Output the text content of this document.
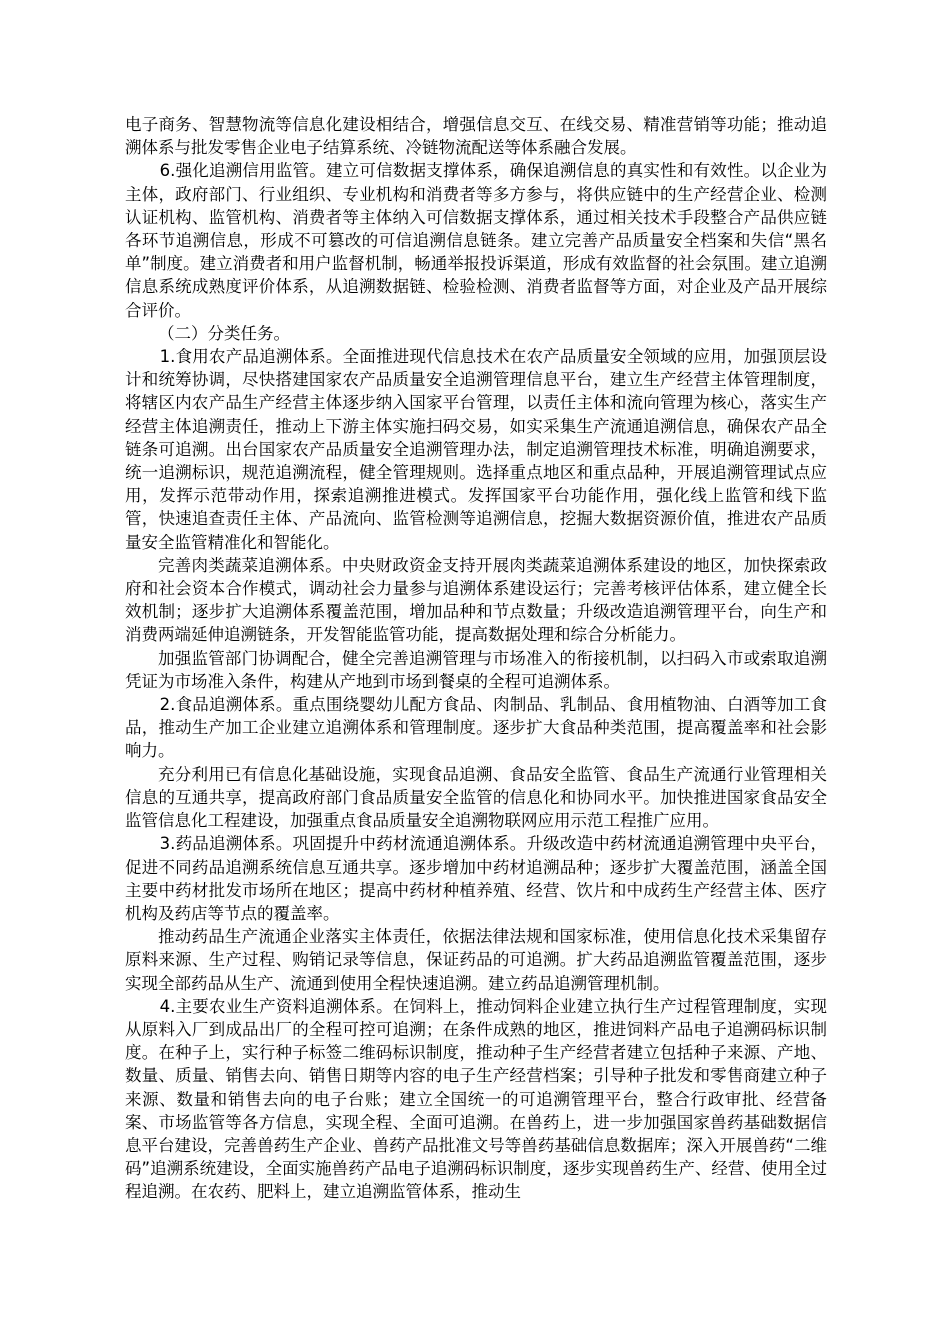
电子商务、智慧物流等信息化建设相结合，增强信息交互、在线交易、精准营销等功能；推动追溯体系与批发零售企业电子结算系统、冷链物流配送等体系融合发展。

6.强化追溯信用监管。建立可信数据支撑体系，确保追溯信息的真实性和有效性。以企业为主体，政府部门、行业组织、专业机构和消费者等多方参与，将供应链中的生产经营企业、检测认证机构、监管机构、消费者等主体纳入可信数据支撑体系，通过相关技术手段整合产品供应链各环节追溯信息，形成不可篡改的可信追溯信息链条。建立完善产品质量安全档案和失信“黑名单”制度。建立消费者和用户监督机制，畅通举报投诉渠道，形成有效监督的社会氛围。建立追溯信息系统成熟度评价体系，从追溯数据链、检验检测、消费者监督等方面，对企业及产品开展综合评价。

（二）分类任务。

1.食用农产品追溯体系。全面推进现代信息技术在农产品质量安全领域的应用，加强顶层设计和统筹协调，尽快搭建国家农产品质量安全追溯管理信息平台，建立生产经营主体管理制度，将辖区内农产品生产经营主体逐步纳入国家平台管理，以责任主体和流向管理为核心，落实生产经营主体追溯责任，推动上下游主体实施扫码交易，如实采集生产流通追溯信息，确保农产品全链条可追溯。出台国家农产品质量安全追溯管理办法，制定追溯管理技术标准，明确追溯要求，统一追溯标识，规范追溯流程，健全管理规则。选择重点地区和重点品种，开展追溯管理试点应用，发挥示范带动作用，探索追溯推进模式。发挥国家平台功能作用，强化线上监管和线下监管，快速追查责任主体、产品流向、监管检测等追溯信息，挖掘大数据资源价值，推进农产品质量安全监管精准化和智能化。

完善肉类蔬菜追溯体系。中央财政资金支持开展肉类蔬菜追溯体系建设的地区，加快探索政府和社会资本合作模式，调动社会力量参与追溯体系建设运行；完善考核评估体系，建立健全长效机制；逐步扩大追溯体系覆盖范围，增加品种和节点数量；升级改造追溯管理平台，向生产和消费两端延伸追溯链条，开发智能监管功能，提高数据处理和综合分析能力。

加强监管部门协调配合，健全完善追溯管理与市场准入的衔接机制，以扫码入市或索取追溯凭证为市场准入条件，构建从产地到市场到餐桌的全程可追溯体系。

2.食品追溯体系。重点围绕婴幼儿配方食品、肉制品、乳制品、食用植物油、白酒等加工食品，推动生产加工企业建立追溯体系和管理制度。逐步扩大食品种类范围，提高覆盖率和社会影响力。

充分利用已有信息化基础设施，实现食品追溯、食品安全监管、食品生产流通行业管理相关信息的互通共享，提高政府部门食品质量安全监管的信息化和协同水平。加快推进国家食品安全监管信息化工程建设，加强重点食品质量安全追溯物联网应用示范工程推广应用。

3.药品追溯体系。巩固提升中药材流通追溯体系。升级改造中药材流通追溯管理中央平台，促进不同药品追溯系统信息互通共享。逐步增加中药材追溯品种；逐步扩大覆盖范围，涵盖全国主要中药材批发市场所在地区；提高中药材种植养殖、经营、饮片和中成药生产经营主体、医疗机构及药店等节点的覆盖率。

推动药品生产流通企业落实主体责任，依据法律法规和国家标准，使用信息化技术采集留存原料来源、生产过程、购销记录等信息，保证药品的可追溯。扩大药品追溯监管覆盖范围，逐步实现全部药品从生产、流通到使用全程快速追溯。建立药品追溯管理机制。

4.主要农业生产资料追溯体系。在饲料上，推动饲料企业建立执行生产过程管理制度，实现从原料入厂到成品出厂的全程可控可追溯；在条件成熟的地区，推进饲料产品电子追溯码标识制度。在种子上，实行种子标签二维码标识制度，推动种子生产经营者建立包括种子来源、产地、数量、质量、销售去向、销售日期等内容的电子生产经营档案；引导种子批发和零售商建立种子来源、数量和销售去向的电子台账；建立全国统一的可追溯管理平台，整合行政审批、经营备案、市场监管等各方信息，实现全程、全面可追溯。在兽药上，进一步加强国家兽药基础数据信息平台建设，完善兽药生产企业、兽药产品批准文号等兽药基础信息数据库；深入开展兽药“二维码”追溯系统建设，全面实施兽药产品电子追溯码标识制度，逐步实现兽药生产、经营、使用全过程追溯。在农药、肥料上，建立追溯监管体系，推动生
